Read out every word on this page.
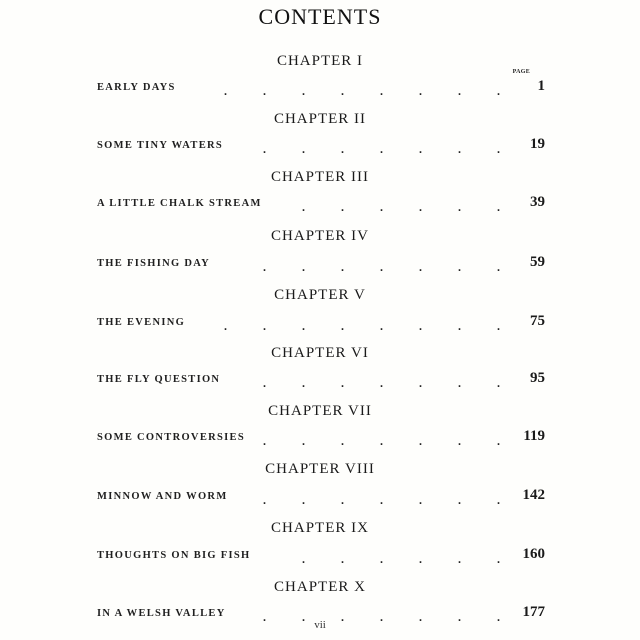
CONTENTS
PAGE
CHAPTER I
EARLY DAYS	.	.	.	.	.	.	.	.	1
CHAPTER II
SOME TINY WATERS	.	.	.	.	.	.	. 19
CHAPTER III
A LITTLE CHALK STREAM	.	.	.	.	.	. 39
CHAPTER IV
THE FISHING DAY	.	.	.	.	.	.	. 59
CHAPTER V
THE EVENING	.	.	.	.	.	.	.	. 75
CHAPTER VI
THE FLY QUESTION	.	.	.	.	.	.	. 95
CHAPTER VII
SOME CONTROVERSIES .	.	.	.	.	.	. 119
CHAPTER VIII
MINNOW AND WORM	.	.	.	.	.	.	. 142
CHAPTER IX
THOUGHTS ON BIG FISH	.	.	.	.	.	. 160
CHAPTER X
IN A WELSH VALLEY	.	.	.	.	.	.	. 177
vii
